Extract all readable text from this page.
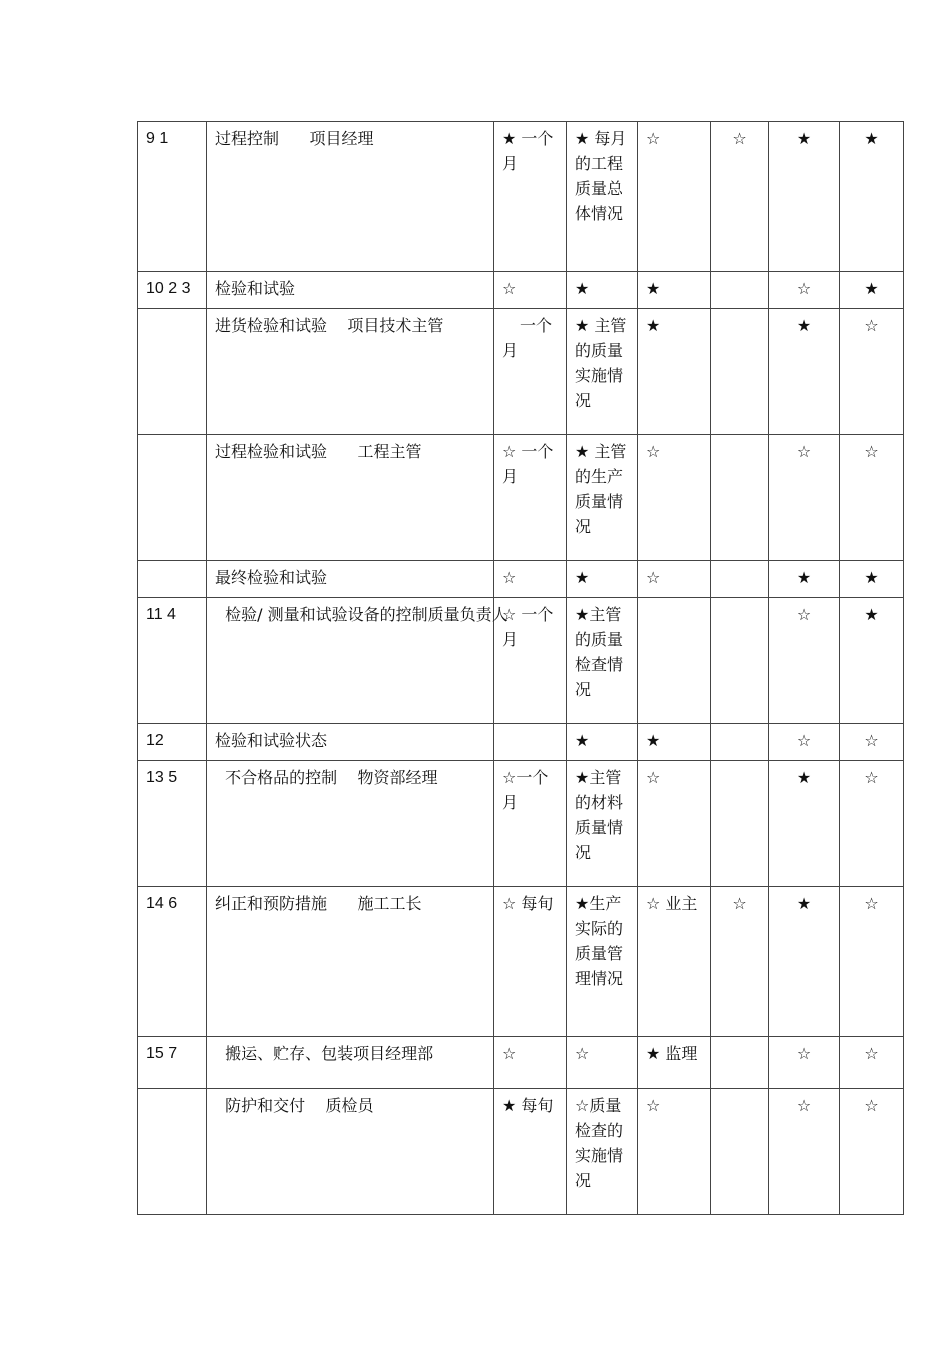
9 1	过程控制      项目经理	★ 一个月	★ 每月的工程质量总体情况	☆	☆	★	★
10 2 3	检验和试验	☆	★	★		☆	★
	进货检验和试验    项目技术主管	一个月	★ 主管的质量实施情况	★		★	☆
	过程检验和试验      工程主管	☆ 一个月	★ 主管的生产质量情况	☆		☆	☆
	最终检验和试验	☆	★	☆		★	★
11 4	检验/ 测量和试验设备的控制质量负责人	☆ 一个月	★主管的质量检查情况			☆	★
12	检验和试验状态		★	★		☆	☆
13 5	不合格品的控制    物资部经理	☆一个月	★主管的材料质量情况	☆		★	☆
14 6	纠正和预防措施      施工工长	☆ 每旬	★生产实际的质量管理情况	☆ 业主	☆	★	☆
15 7	搬运、贮存、包装项目经理部	☆	☆	★ 监理		☆	☆
	防护和交付    质检员	★ 每旬	☆质量检查的实施情况	☆		☆	☆
